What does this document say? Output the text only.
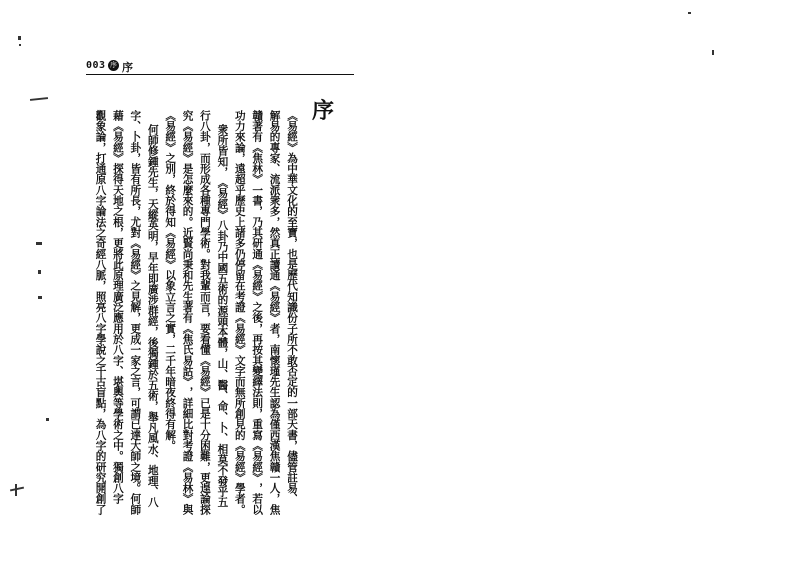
003 序 序
序

《易經》為中華文化的至寶，也是歷代知識份子所不敢否定的一部天書，儘管註易、

解易的專家、流派衆多，然真正讀通《易經》者，南懷瑾先生認為僅西漢焦贛一人，焦

贛著有《焦林》一書，乃其研通《易經》之後，再按其變繹法則，重寫《易經》，若以

功力來論，遠超乎歷史上諸多仍停留在考證《易經》文字而無所創見的《易經》學者。

衆所皆知，《易經》八卦乃中國五術的源頭本體，山、醫、命、卜、相莫不發乎五

行八卦，而形成各種專門學術。對我輩而言，要看懂《易經》已是十分困難，更遑論探

究《易經》是怎麼來的。近賢尚秉和先生著有《焦氏易詁》，詳細比對考證《易林》與

《易經》之別，終於得知《易經》以象立言之實，二千年暗夜終得有解。

何師修鍾先生，天縱英明，早年即廣涉群經，後獨鍾於五術，舉凡風水、地理、八

字、卜卦，皆有所長，尤對《易經》之見解，更成一家之言，可謂已達大師之境。何師

藉《易經》探得天地之根，更將此原理廣泛應用於八字、堪輿等學術之中。獨創八字

觀象論，打通原八字論法之奇經八脈，照亮八字學說之千古盲點，為八字的研究開創了
